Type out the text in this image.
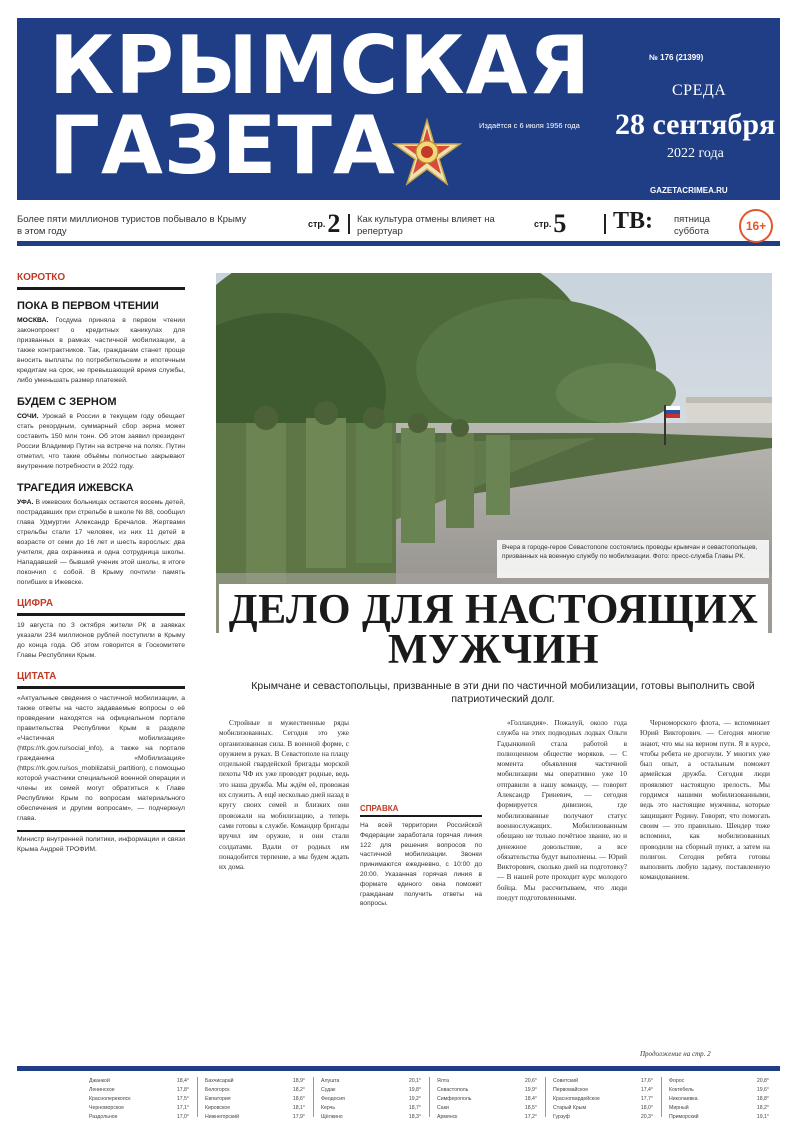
КРЫМСКАЯ
ГАЗЕТА	Издаётся с 6 июля 1956 года
№ 176 (21399)
СРЕДА
28 сентября
2022 года
GAZETACRIMEA.RU
Более пяти миллионов туристов побывало в Крыму в этом году
стр.2 Как культура отмены влияет на репертуар
стр.5 ТВ: пятница суббота	16+
КОРОТКО
ПОКА В ПЕРВОМ ЧТЕНИИ
МОСКВА. Госдума приняла в первом чтении законопроект о кредитных каникулах для призванных в рамках частичной мобилизации, а также контрактников. Так, гражданам станет проще вносить выплаты по потребительским и ипотечным кредитам на срок, не превышающий время службы, либо уменьшать размер платежей.
БУДЕМ С ЗЕРНОМ
СОЧИ. Урожай в России в текущем году обещает стать рекордным, суммарный сбор зерна может составить 150 млн тонн. Об этом заявил президент России Владимир Путин на встрече на полях. Путин отметил, что такие объёмы полностью закрывают внутренние потребности в 2022 году.
ТРАГЕДИЯ ИЖЕВСКА
УФА. В ижевских больницах остаются восемь детей, пострадавших при стрельбе в школе № 88, сообщил глава Удмуртии Александр Бречалов. Жертвами стрельбы стали 17 человек, из них 11 детей в возрасте от семи до 16 лет и шесть взрослых: два учителя, два охранника и одна сотрудница школы. Нападавший — бывший ученик этой школы, в итоге покончил с собой. В Крыму почтили память погибших в Ижевске.
ЦИФРА
19 августа по 3 октября жители РК в заявках указали 234 миллионов рублей поступили в Крыму до конца года. Об этом говорится в Госкомитете Главы Республики Крым.
ЦИТАТА
«Актуальные сведения о частичной мобилизации, а также ответы на часто задаваемые вопросы о её проведении находятся на официальном портале правительства Республики Крым в разделе «Частичная мобилизация» (https://rk.gov.ru/social_info), а также на портале гражданина «Мобилизация» (https://rk.gov.ru/sos_mobilizatsii_partition), с помощью которой участники специальной военной операции и члены их семей могут обратиться к Главе Республики Крым по вопросам материального обеспечения и другим вопросам», — подчеркнул глава.
Министр внутренней политики, информации и связи Крыма Андрей ТРОФИМ.
Вчера в городе-герое Севастополе состоялись проводы крымчан и севастопольцев, призванных на военную службу по мобилизации. Фото: пресс-служба Главы РК.
ДЕЛО ДЛЯ НАСТОЯЩИХ МУЖЧИН
Крымчане и севастопольцы, призванные в эти дни по частичной мобилизации, готовы выполнить свой патриотический долг.

Стройные и мужественные ряды мобилизованных. Сегодня это уже организованная сила. В военной форме, с оружием в руках. В Севастополе на плацу отдельной гвардейской бригады морской пехоты ЧФ их уже проводят родные, ведь это наша дружба. Мы ждём её, провожая их служить. А ещё несколько дней назад в кругу своих семей и близких они провожали на мобилизацию, а теперь сами готовы к службе. Командир бригады вручил им оружие, и они стали солдатами. Вдали от родных им понадобится терпение, а мы будем ждать их дома.

СПРАВКА
На всей территории Российской Федерации заработала горячая линия 122 для решения вопросов по частичной мобилизации. Звонки принимаются ежедневно, с 10:00 до 20:00. Указанная горячая линия в формате единого окна поможет гражданам получить ответы на вопросы.

«Голландия». Пожалуй, около года служба на этих подводных лодках Ольги Гадынкиной стала работой в полноценном обществе моряков. — С момента объявления частичной мобилизации мы оперативно уже 10 отправили в нашу команду, — говорит Александр Гриневич, — сегодня формируется дивизион, где мобилизованные получают статус военнослужащих. Мобилизованным обещано не только почётное звание, но и денежное довольствие, а все обязательства будут выполнены. — Юрий Викторович, сколько дней на подготовку? — В нашей роте проходит курс молодого бойца. Мы рассчитываем, что люди поедут подготовленными.

Черноморского флота, — вспоминает Юрий Викторович. — Сегодня многие знают, что мы на верном пути. Я в курсе, чтобы ребята не дрогнули. У многих уже был опыт, а остальным поможет армейская дружба. Сегодня люди проявляют настоящую зрелость. Мы гордимся нашими мобилизованными, ведь это настоящие мужчины, которые защищают Родину. Говорят, что помогать своим — это правильно. Шендер тоже вспомнил, как мобилизованных проводили на сборный пункт, а затем на полигон. Сегодня ребята готовы выполнить любую задачу, поставленную командованием.

Продолжение на стр. 2
Джанкой	18,4°
Ленинское	17,8°
Красноперекопск	17,5°
Черноморское	17,1°
Раздольное	17,0°
Бахчисарай	18,9°
Белогорск	18,2°
Евпатория	18,6°
Кировское	18,1°
Нижнегорский	17,9°
Алушта	20,1°
Судак	19,8°
Феодосия	19,2°
Керчь	18,7°
Щёлкино	18,3°
Ялта	20,6°
Севастополь	19,9°
Симферополь	18,4°
Саки	18,5°
Армянск	17,2°
Советский	17,6°
Первомайское	17,4°
Красногвардейское	17,7°
Старый Крым	18,0°
Гурзуф	20,3°
Форос	20,8°
Коктебель	19,6°
Николаевка	18,8°
Мирный	18,2°
Приморский	19,1°
